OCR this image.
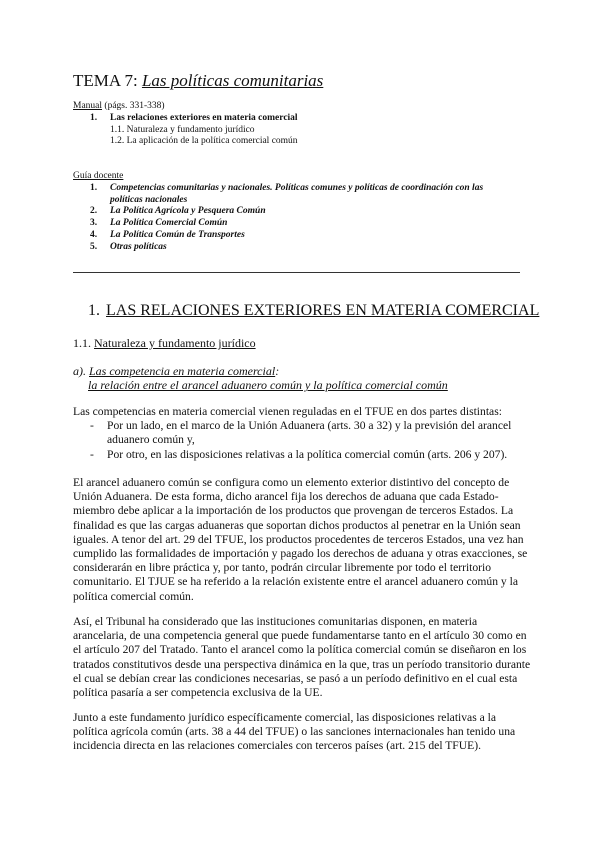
TEMA 7: Las políticas comunitarias
Manual (págs. 331-338)
1. Las relaciones exteriores en materia comercial
1.1. Naturaleza y fundamento jurídico
1.2. La aplicación de la política comercial común
Guía docente
1. Competencias comunitarias y nacionales. Políticas comunes y políticas de coordinación con las
políticas nacionales
2. La Política Agrícola y Pesquera Común
3. La Política Comercial Común
4. La Política Común de Transportes
5. Otras políticas
1. LAS RELACIONES EXTERIORES EN MATERIA COMERCIAL
1.1. Naturaleza y fundamento jurídico
a). Las competencia en materia comercial:
la relación entre el arancel aduanero común y la política comercial común

Las competencias en materia comercial vienen reguladas en el TFUE en dos partes distintas:

- Por un lado, en el marco de la Unión Aduanera (arts. 30 a 32) y la previsión del arancel aduanero común y,
- Por otro, en las disposiciones relativas a la política comercial común (arts. 206 y 207).

El arancel aduanero común se configura como un elemento exterior distintivo del concepto de Unión Aduanera. De esta forma, dicho arancel fija los derechos de aduana que cada Estado-miembro debe aplicar a la importación de los productos que provengan de terceros Estados. La finalidad es que las cargas aduaneras que soportan dichos productos al penetrar en la Unión sean iguales. A tenor del art. 29 del TFUE, los productos procedentes de terceros Estados, una vez han cumplido las formalidades de importación y pagado los derechos de aduana y otras exacciones, se considerarán en libre práctica y, por tanto, podrán circular libremente por todo el territorio comunitario. El TJUE se ha referido a la relación existente entre el arancel aduanero común y la política comercial común.

Así, el Tribunal ha considerado que las instituciones comunitarias disponen, en materia arancelaria, de una competencia general que puede fundamentarse tanto en el artículo 30 como en el artículo 207 del Tratado. Tanto el arancel como la política comercial común se diseñaron en los tratados constitutivos desde una perspectiva dinámica en la que, tras un período transitorio durante el cual se debían crear las condiciones necesarias, se pasó a un período definitivo en el cual esta política pasaría a ser competencia exclusiva de la UE.

Junto a este fundamento jurídico específicamente comercial, las disposiciones relativas a la política agrícola común (arts. 38 a 44 del TFUE) o las sanciones internacionales han tenido una incidencia directa en las relaciones comerciales con terceros países (art. 215 del TFUE).
